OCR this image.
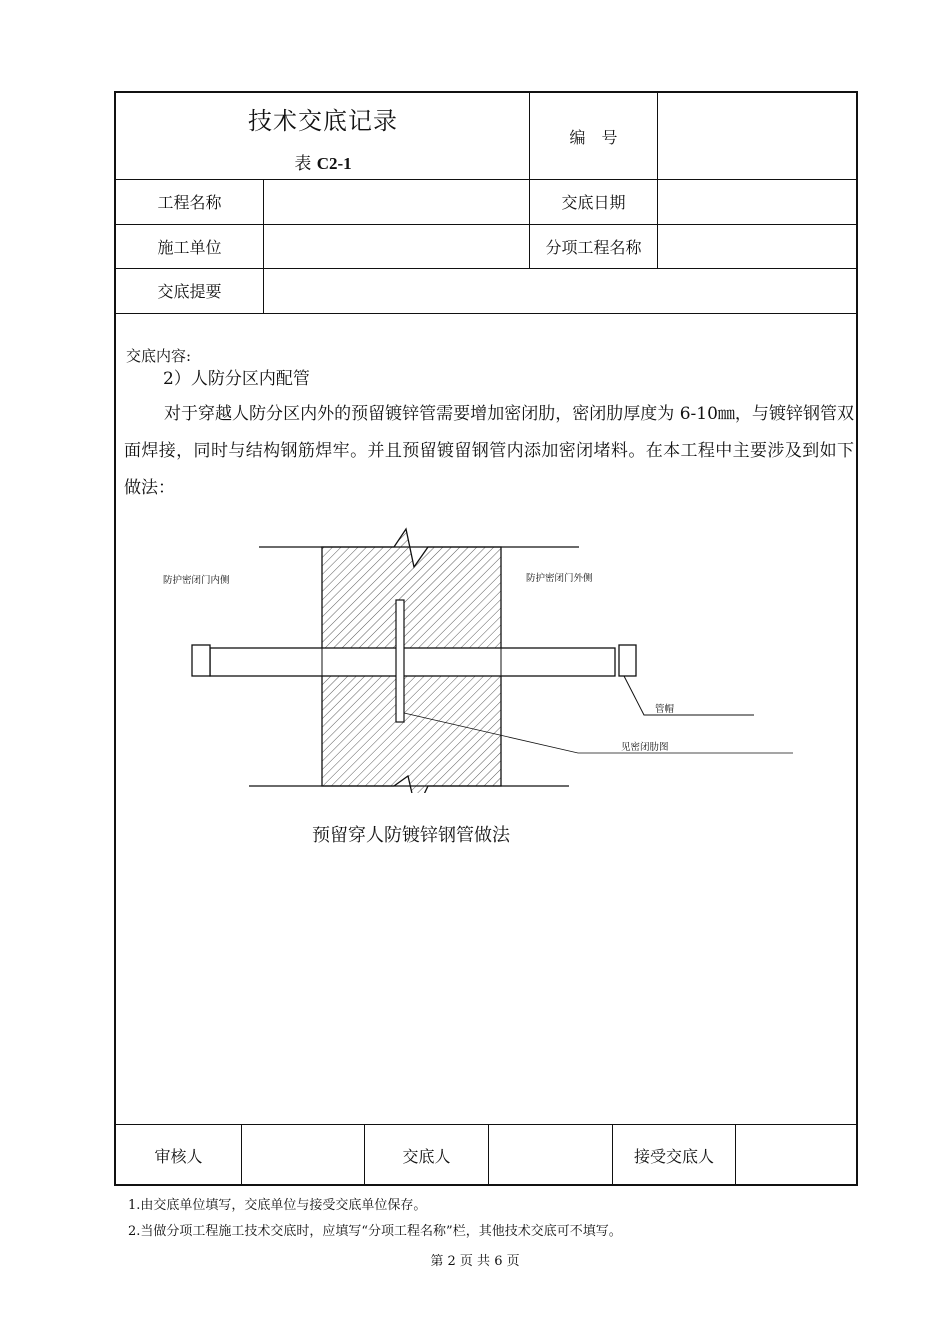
技术交底记录
表 C2-1
编　号
工程名称	交底日期
施工单位	分项工程名称
交底提要
交底内容:
2）人防分区内配管
对于穿越人防分区内外的预留镀锌管需要增加密闭肋，密闭肋厚度为 6-10㎜，与镀锌钢管双面焊接，同时与结构钢筋焊牢。并且预留镀留钢管内添加密闭堵料。在本工程中主要涉及到如下做法：
防护密闭门内侧	防护密闭门外侧
管帽
见密闭肋图
预留穿人防镀锌钢管做法
审核人	交底人	接受交底人
1.由交底单位填写，交底单位与接受交底单位保存。
2.当做分项工程施工技术交底时，应填写“分项工程名称”栏，其他技术交底可不填写。
第 2 页 共 6 页
